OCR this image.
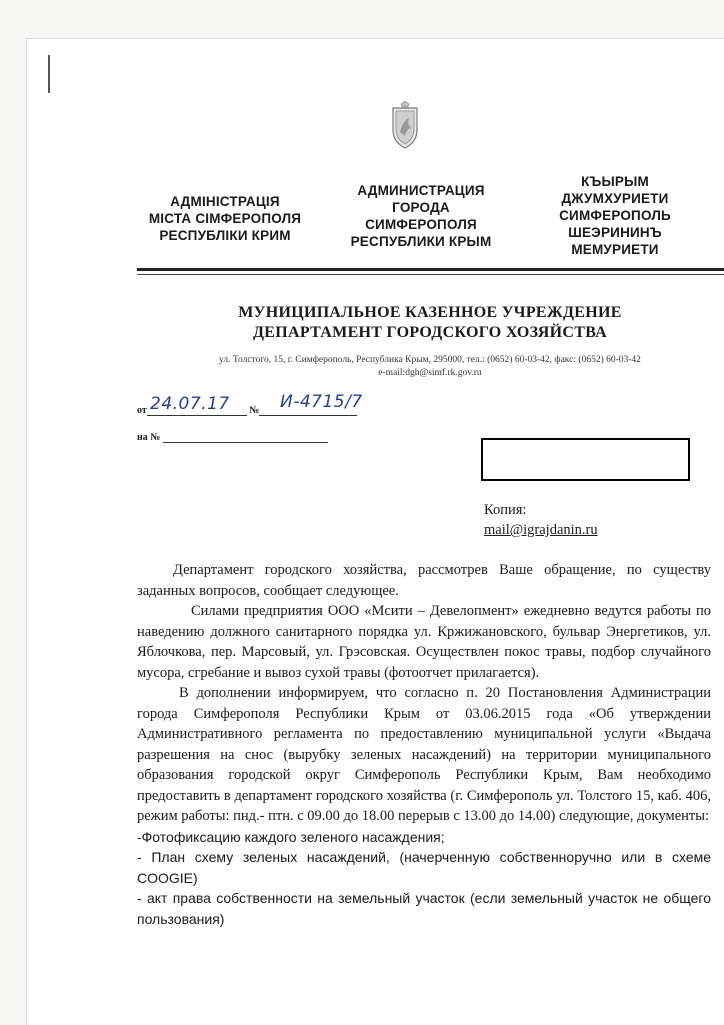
АДМІНІСТРАЦІЯ
МІСТА СІМФЕРОПОЛЯ
РЕСПУБЛІКИ КРИМ
АДМИНИСТРАЦИЯ
ГОРОДА
СИМФЕРОПОЛЯ
РЕСПУБЛИКИ КРЫМ
КЪЫРЫМ
ДЖУМХУРИЕТИ
СИМФЕРОПОЛЬ
ШЕЭРИНИНЪ
МЕМУРИЕТИ
МУНИЦИПАЛЬНОЕ КАЗЕННОЕ УЧРЕЖДЕНИЕ
ДЕПАРТАМЕНТ ГОРОДСКОГО ХОЗЯЙСТВА
ул. Толстого, 15, г. Симферополь, Республика Крым, 295000, тел.: (0652) 60-03-42, факс: (0652) 60-03-42
e-mail:dgh@simf.rk.gov.ru
от	№
24.07.17	И-4715/7
на №
Копия:
mail@igrajdanin.ru

Департамент городского хозяйства, рассмотрев Ваше обращение, по существу заданных вопросов, сообщает следующее.

Силами предприятия ООО «Мсити – Девелопмент» ежедневно ведутся работы по наведению должного санитарного порядка ул. Кржижановского, бульвар Энергетиков, ул. Яблочкова, пер. Марсовый, ул. Грэсовская. Осуществлен покос травы, подбор случайного мусора, сгребание и вывоз сухой травы (фотоотчет прилагается).

В дополнении информируем, что согласно п. 20 Постановления Администрации города Симферополя Республики Крым от 03.06.2015 года «Об утверждении Административного регламента по предоставлению муниципальной услуги «Выдача разрешения на снос (вырубку зеленых насаждений) на территории муниципального образования городской округ Симферополь Республики Крым, Вам необходимо предоставить в департамент городского хозяйства (г. Симферополь ул. Толстого 15, каб. 406, режим работы: пнд.- птн. с 09.00 до 18.00 перерыв с 13.00 до 14.00) следующие, документы:

-Фотофиксацию каждого зеленого насаждения;

- План схему зеленых насаждений, (начерченную собственноручно или в схеме COOGIE)

- акт права собственности на земельный участок (если земельный участок не общего пользования)
